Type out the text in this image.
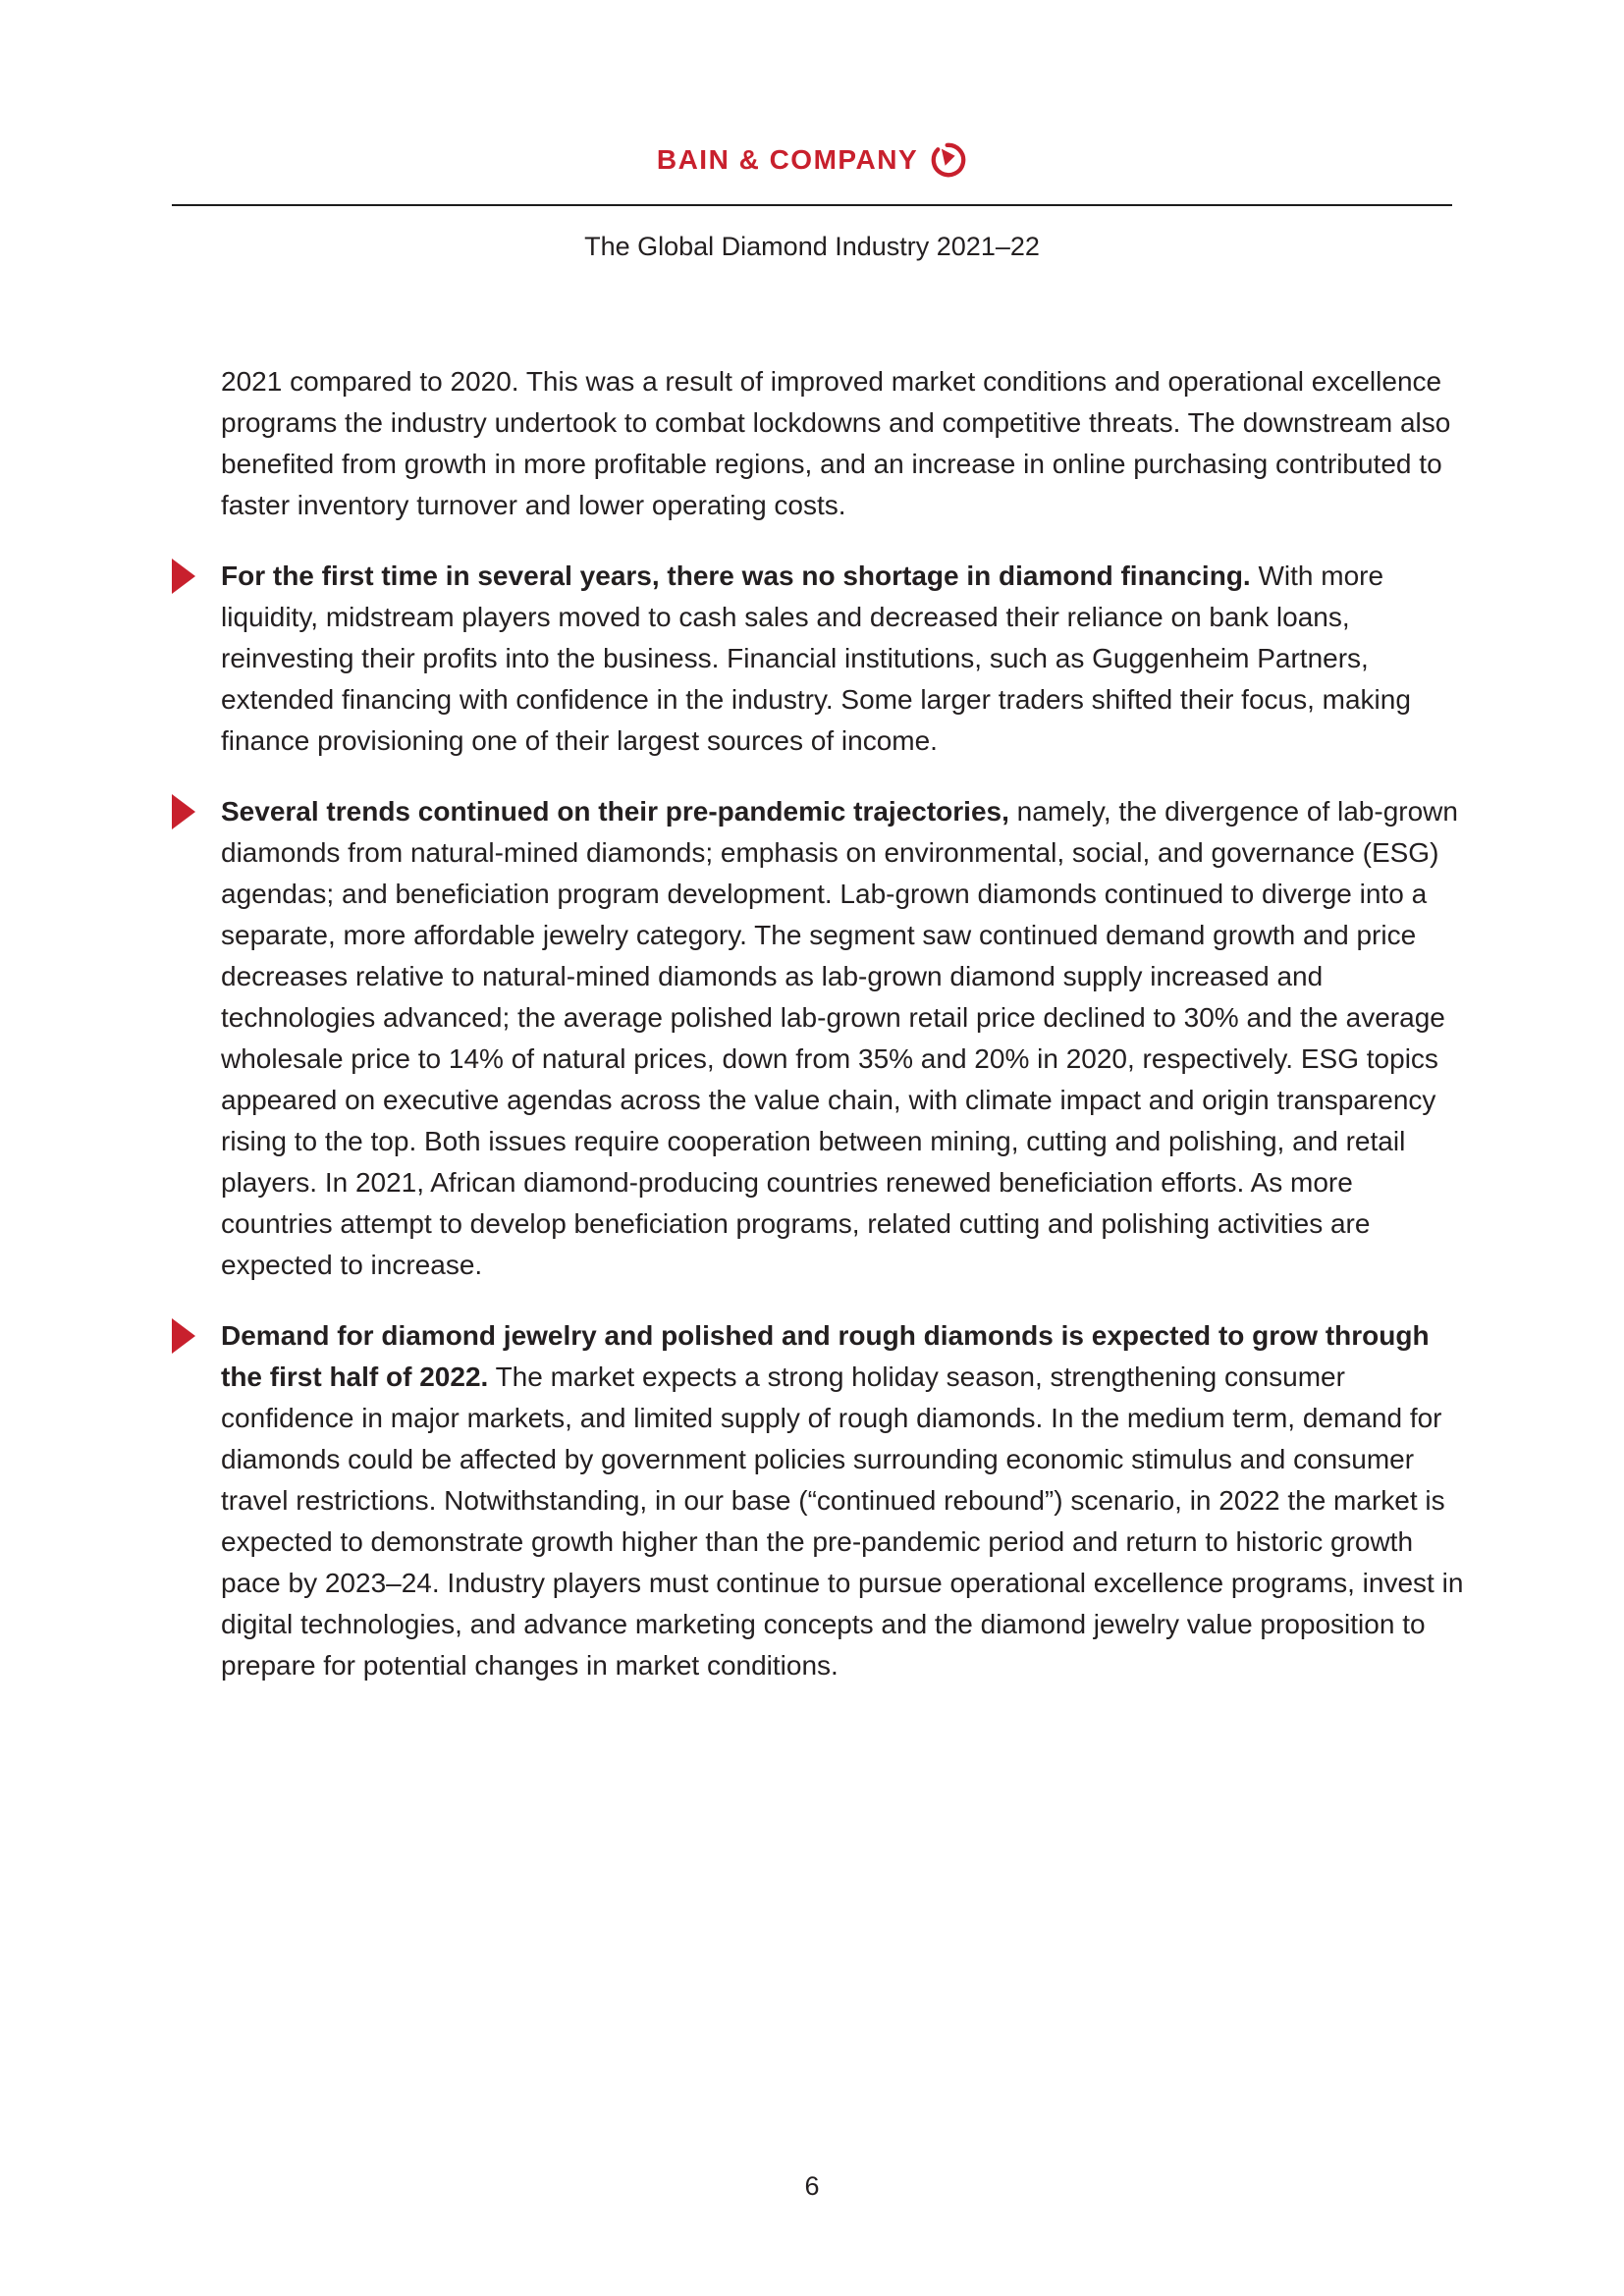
BAIN & COMPANY
The Global Diamond Industry 2021–22

2021 compared to 2020. This was a result of improved market conditions and operational excellence programs the industry undertook to combat lockdowns and competitive threats. The downstream also benefited from growth in more profitable regions, and an increase in online purchasing contributed to faster inventory turnover and lower operating costs.

For the first time in several years, there was no shortage in diamond financing. With more liquidity, midstream players moved to cash sales and decreased their reliance on bank loans, reinvesting their profits into the business. Financial institutions, such as Guggenheim Partners, extended financing with confidence in the industry. Some larger traders shifted their focus, making finance provisioning one of their largest sources of income.

Several trends continued on their pre-pandemic trajectories, namely, the divergence of lab-grown diamonds from natural-mined diamonds; emphasis on environmental, social, and governance (ESG) agendas; and beneficiation program development. Lab-grown diamonds continued to diverge into a separate, more affordable jewelry category. The segment saw continued demand growth and price decreases relative to natural-mined diamonds as lab-grown diamond supply increased and technologies advanced; the average polished lab-grown retail price declined to 30% and the average wholesale price to 14% of natural prices, down from 35% and 20% in 2020, respectively. ESG topics appeared on executive agendas across the value chain, with climate impact and origin transparency rising to the top. Both issues require cooperation between mining, cutting and polishing, and retail players. In 2021, African diamond-producing countries renewed beneficiation efforts. As more countries attempt to develop beneficiation programs, related cutting and polishing activities are expected to increase.

Demand for diamond jewelry and polished and rough diamonds is expected to grow through the first half of 2022. The market expects a strong holiday season, strengthening consumer confidence in major markets, and limited supply of rough diamonds. In the medium term, demand for diamonds could be affected by government policies surrounding economic stimulus and consumer travel restrictions. Notwithstanding, in our base (“continued rebound”) scenario, in 2022 the market is expected to demonstrate growth higher than the pre-pandemic period and return to historic growth pace by 2023–24. Industry players must continue to pursue operational excellence programs, invest in digital technologies, and advance marketing concepts and the diamond jewelry value proposition to prepare for potential changes in market conditions.

6
